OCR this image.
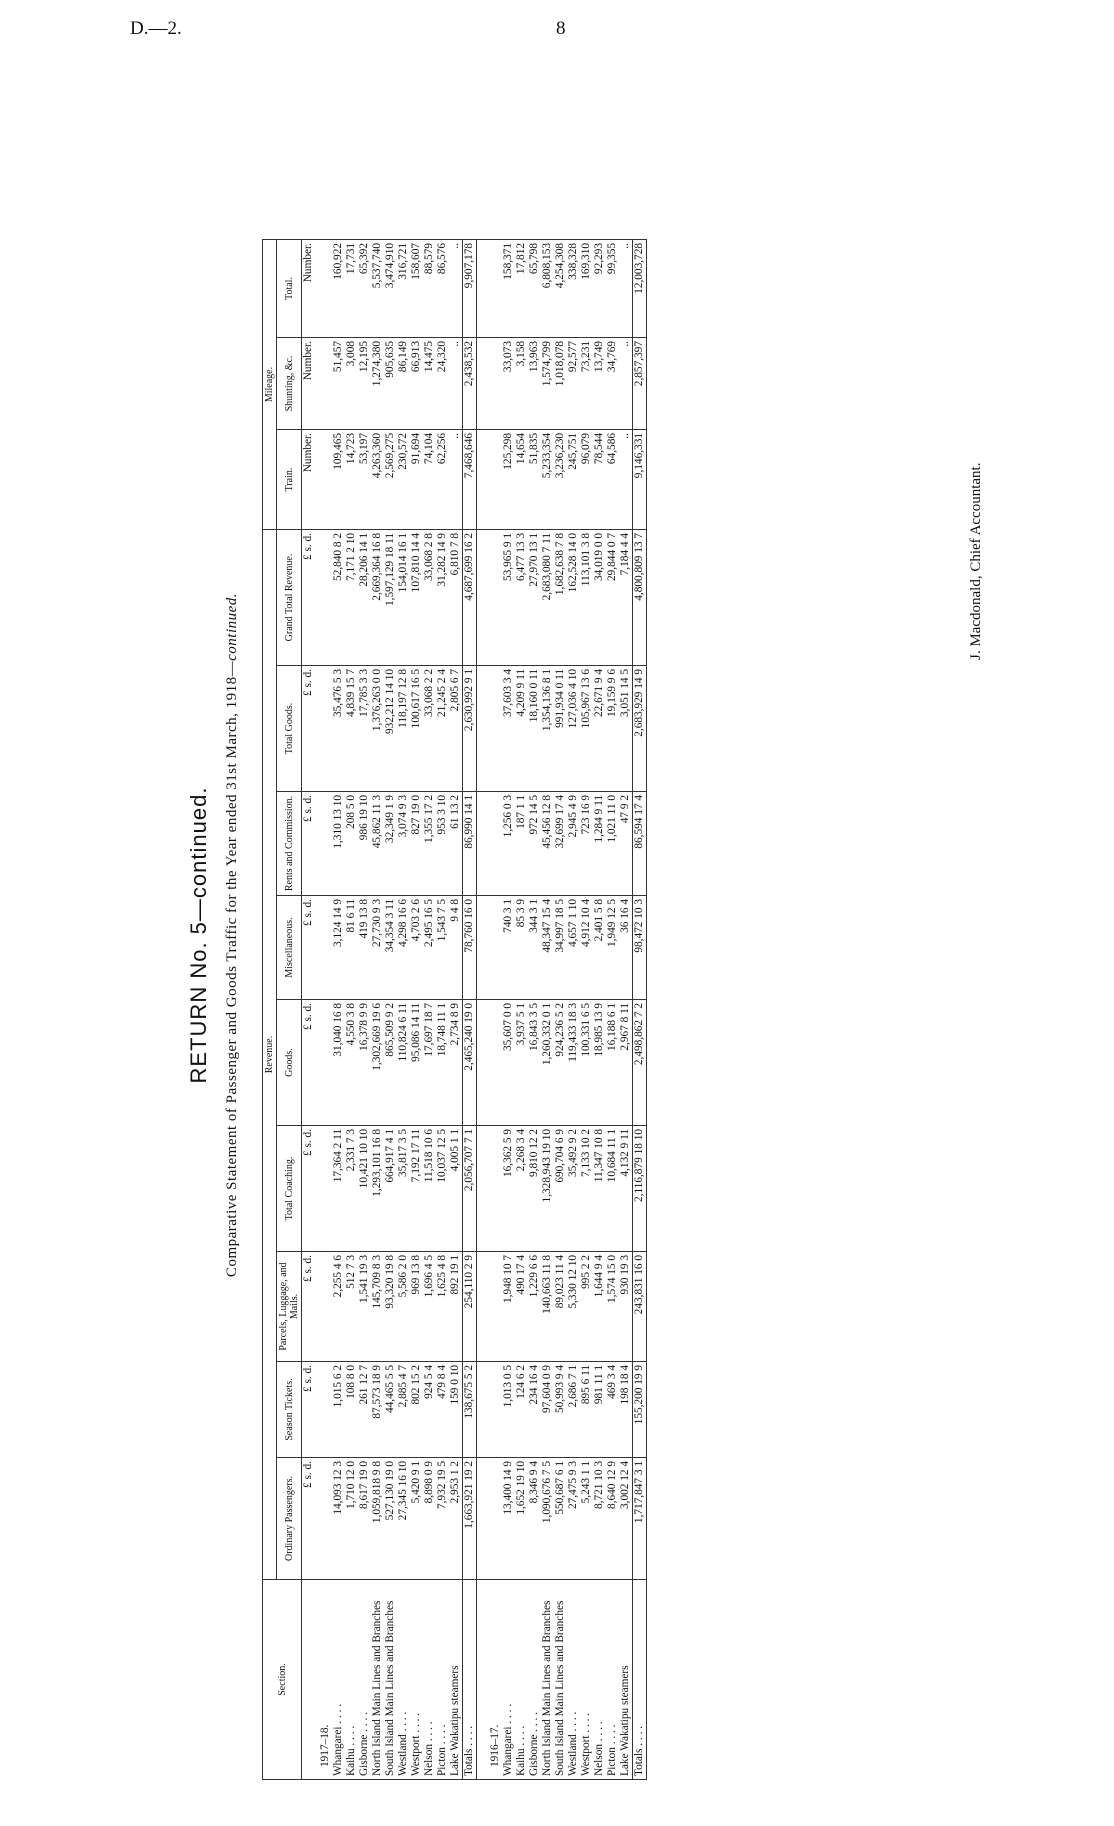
D.—2.	8
RETURN No. 5—continued. Comparative Statement of Passenger and Goods Traffic for the Year ended 31st March, 1918—continued.
Section.	Revenue.									Mileage.		
	Ordinary Passengers.	Season Tickets.	Parcels, Luggage, and Mails.	Total Coaching.	Goods.	Miscellaneous.	Rents and Commission.	Total Goods.	Grand Total Revenue.	Train.	Shunting, &c.	Total.
	£ s. d.	£ s. d.	£ s. d.	£ s. d.	£ s. d.	£ s. d.	£ s. d.	£ s. d.	£ s. d.	Number.	Number.	Number.
1917–18.												
Whangarei . . . .	14,093 12 3	1,015 6 2	2,255 4 6	17,364 2 11	31,040 16 8	3,124 14 9	1,310 13 10	35,476 5 3	52,840 8 2	109,465	51,457	160,922
Kaihu . . . .	1,710 12 0	108 8 0	512 7 3	2,331 7 3	4,550 3 8	81 6 11	208 5 0	4,839 15 7	7,171 2 10	14,723	3,008	17,731
Gisborne . . . .	8,617 19 0	261 12 7	1,541 19 3	10,421 10 10	16,378 9 9	419 13 8	986 19 10	17,785 3 3	28,206 14 1	53,197	12,195	65,392
North Island Main Lines and Branches	1,059,818 9 8	87,573 18 9	145,709 8 3	1,293,101 16 8	1,302,669 19 6	27,730 9 3	45,862 11 3	1,376,263 0 0	2,669,364 16 8	4,263,360	1,274,380	5,537,740
South Island Main Lines and Branches	527,130 19 0	44,465 5 5	93,320 19 8	664,917 4 1	865,509 9 2	34,354 3 11	32,349 1 9	932,212 14 10	1,597,129 18 11	2,569,275	905,635	3,474,910
Westland . . . .	27,345 16 10	2,885 4 7	5,586 2 0	35,817 3 5	110,824 6 11	4,298 16 6	3,074 9 3	118,197 12 8	154,014 16 1	230,572	86,149	316,721
Westport . . . .	5,420 9 1	802 15 2	969 13 8	7,192 17 11	95,086 14 11	4,703 2 6	827 19 0	100,617 16 5	107,810 14 4	91,694	66,913	158,607
Nelson . . . .	8,898 0 9	924 5 4	1,696 4 5	11,518 10 6	17,697 18 7	2,495 16 5	1,355 17 2	33,068 2 2	33,068 2 8	74,104	14,475	88,579
Picton . . . .	7,932 19 5	479 8 4	1,625 4 8	10,037 12 5	18,748 11 1	1,543 7 5	953 3 10	21,245 2 4	31,282 14 9	62,256	24,320	86,576
Lake Wakatipu steamers	2,953 1 2	159 0 10	892 19 1	4,005 1 1	2,734 8 9	9 4 8	61 13 2	2,805 6 7	6,810 7 8	..	..	..
Totals . . . .	1,663,921 19 2	138,675 5 2	254,110 2 9	2,056,707 7 1	2,465,240 19 0	78,760 16 0	86,990 14 1	2,630,992 9 1	4,687,699 16 2	7,468,646	2,438,532	9,907,178

1916–17.												
Whangarei . . . .	13,400 14 9	1,013 0 5	1,948 10 7	16,362 5 9	35,607 0 0	740 3 1	1,256 0 3	37,603 3 4	53,965 9 1	125,298	33,073	158,371
Kaihu . . . .	1,652 19 10	124 6 2	490 17 4	2,268 3 4	3,937 5 1	85 3 9	187 1 1	4,209 9 11	6,477 13 3	14,654	3,158	17,812
Gisborne . . . .	8,346 9 4	234 16 4	1,229 6 6	9,810 12 2	16,843 3 5	344 3 1	972 14 5	18,160 0 11	27,970 13 1	51,835	13,963	65,798
North Island Main Lines and Branches	1,090,676 7 5	97,604 0 9	140,663 11 8	1,328,943 19 10	1,260,332 0 1	48,347 15 4	45,456 12 8	1,354,136 8 1	2,683,080 7 11	5,233,354	1,574,799	6,808,153
South Island Main Lines and Branches	550,687 6 1	50,993 9 4	89,023 11 4	690,704 6 9	924,236 5 2	34,997 18 5	32,699 17 4	991,934 0 11	1,682,638 7 8	3,236,230	1,018,078	4,254,308
Westland . . . .	27,475 9 3	2,686 7 1	5,330 12 10	35,492 9 2	119,433 18 3	4,657 1 10	2,945 4 9	127,036 4 10	162,528 14 0	245,751	92,577	338,328
Westport . . . .	5,243 1 1	895 6 11	995 2 2	7,133 10 2	100,331 6 5	4,912 10 4	723 16 9	105,967 13 6	113,101 3 8	96,079	73,231	169,310
Nelson . . . .	8,721 10 3	981 11 1	1,644 9 4	11,347 10 8	18,985 13 9	2,401 5 8	1,284 9 11	22,671 9 4	34,019 0 0	78,544	13,749	92,293
Picton . . . .	8,640 12 9	469 3 4	1,574 15 0	10,684 11 1	16,188 6 1	1,949 12 5	1,021 11 0	19,159 9 6	29,844 0 7	64,586	34,769	99,355
Lake Wakatipu steamers	3,002 12 4	198 18 4	930 19 3	4,132 9 11	2,967 8 11	36 16 4	47 9 2	3,051 14 5	7,184 4 4	..	..	..
Totals . . . .	1,717,847 3 1	155,200 19 9	243,831 16 0	2,116,879 18 10	2,498,862 7 2	98,472 10 3	86,594 17 4	2,683,929 14 9	4,800,809 13 7	9,146,331	2,857,397	12,003,728
J. Macdonald, Chief Accountant.
